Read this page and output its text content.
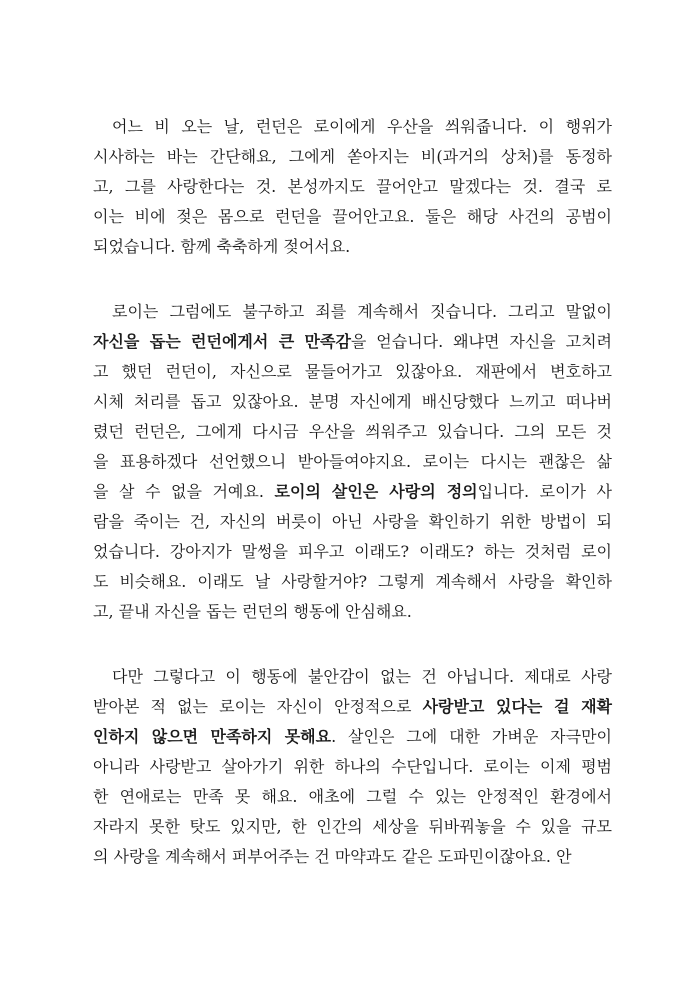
어느 비 오는 날, 런던은 로이에게 우산을 씌워줍니다. 이 행위가
시사하는 바는 간단해요, 그에게 쏟아지는 비(과거의 상처)를 동정하
고, 그를 사랑한다는 것. 본성까지도 끌어안고 말겠다는 것. 결국 로
이는 비에 젖은 몸으로 런던을 끌어안고요. 둘은 해당 사건의 공범이
되었습니다. 함께 축축하게 젖어서요.
로이는 그럼에도 불구하고 죄를 계속해서 짓습니다. 그리고 말없이
자신을 돕는 런던에게서 큰 만족감을 얻습니다. 왜냐면 자신을 고치려
고 했던 런던이, 자신으로 물들어가고 있잖아요. 재판에서 변호하고
시체 처리를 돕고 있잖아요. 분명 자신에게 배신당했다 느끼고 떠나버
렸던 런던은, 그에게 다시금 우산을 씌워주고 있습니다. 그의 모든 것
을 표용하겠다 선언했으니 받아들여야지요. 로이는 다시는 괜찮은 삶
을 살 수 없을 거예요. 로이의 살인은 사랑의 정의입니다. 로이가 사
람을 죽이는 건, 자신의 버릇이 아닌 사랑을 확인하기 위한 방법이 되
었습니다. 강아지가 말썽을 피우고 이래도? 이래도? 하는 것처럼 로이
도 비슷해요. 이래도 날 사랑할거야? 그렇게 계속해서 사랑을 확인하
고, 끝내 자신을 돕는 런던의 행동에 안심해요.
다만 그렇다고 이 행동에 불안감이 없는 건 아닙니다. 제대로 사랑
받아본 적 없는 로이는 자신이 안정적으로 사랑받고 있다는 걸 재확
인하지 않으면 만족하지 못해요. 살인은 그에 대한 가벼운 자극만이
아니라 사랑받고 살아가기 위한 하나의 수단입니다. 로이는 이제 평범
한 연애로는 만족 못 해요. 애초에 그럴 수 있는 안정적인 환경에서
자라지 못한 탓도 있지만, 한 인간의 세상을 뒤바꿔놓을 수 있을 규모
의 사랑을 계속해서 퍼부어주는 건 마약과도 같은 도파민이잖아요. 안
